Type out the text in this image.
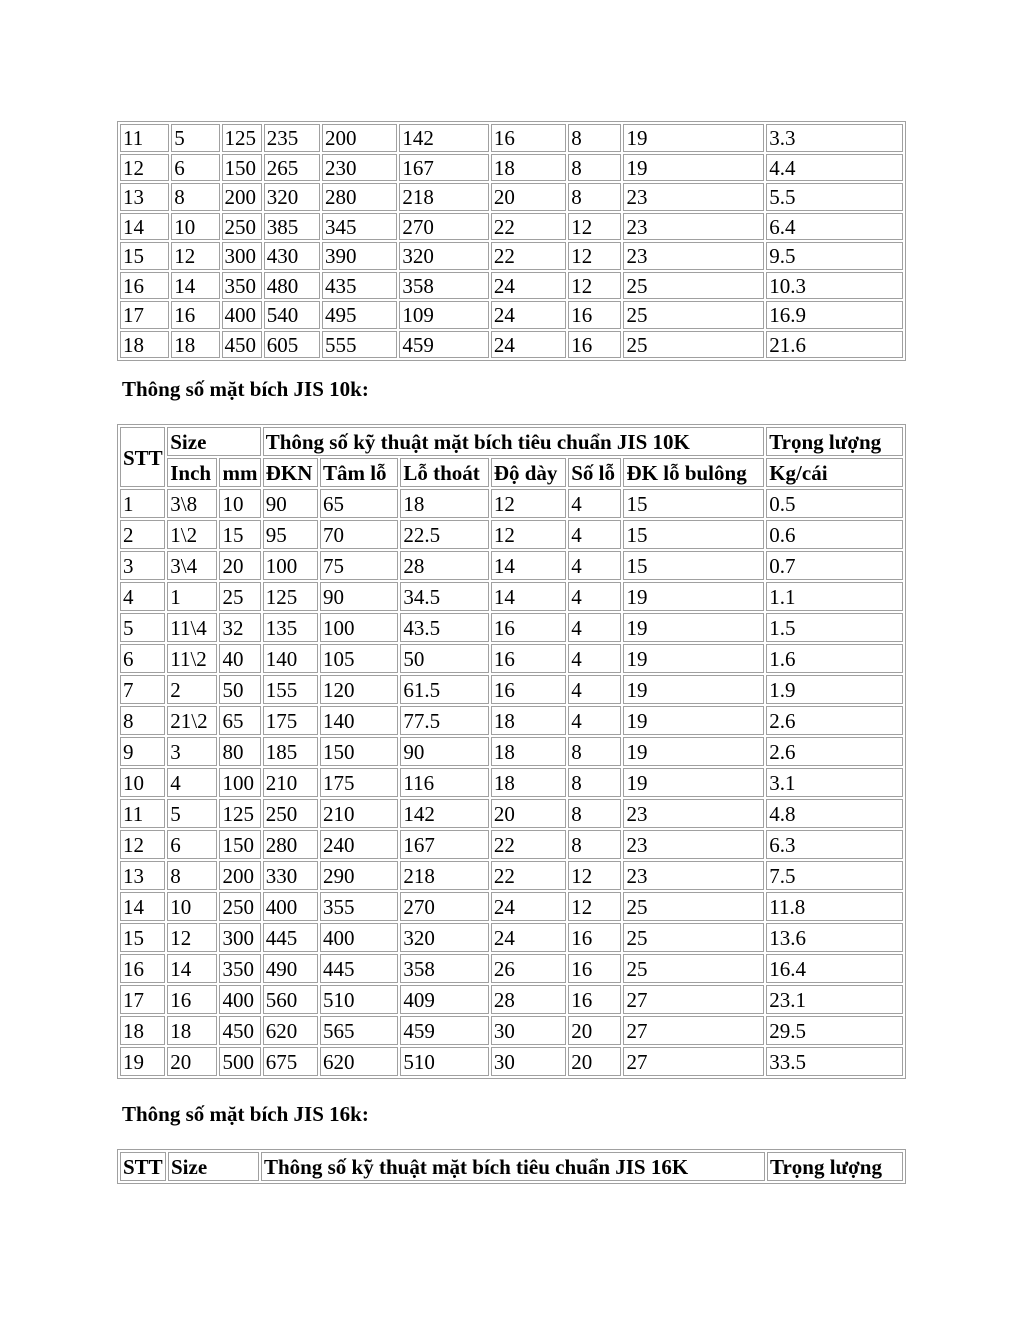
11	5	125	235	200	142	16	8	19	3.3
12	6	150	265	230	167	18	8	19	4.4
13	8	200	320	280	218	20	8	23	5.5
14	10	250	385	345	270	22	12	23	6.4
15	12	300	430	390	320	22	12	23	9.5
16	14	350	480	435	358	24	12	25	10.3
17	16	400	540	495	109	24	16	25	16.9
18	18	450	605	555	459	24	16	25	21.6
Thông số mặt bích JIS 10k:
STT	Size		Thông số kỹ thuật mặt bích tiêu chuẩn JIS 10K						Trọng lượng
	Inch	mm	ĐKN	Tâm lỗ	Lỗ thoát	Độ dày	Số lỗ	ĐK lỗ bulông	Kg/cái
1	3\8	10	90	65	18	12	4	15	0.5
2	1\2	15	95	70	22.5	12	4	15	0.6
3	3\4	20	100	75	28	14	4	15	0.7
4	1	25	125	90	34.5	14	4	19	1.1
5	11\4	32	135	100	43.5	16	4	19	1.5
6	11\2	40	140	105	50	16	4	19	1.6
7	2	50	155	120	61.5	16	4	19	1.9
8	21\2	65	175	140	77.5	18	4	19	2.6
9	3	80	185	150	90	18	8	19	2.6
10	4	100	210	175	116	18	8	19	3.1
11	5	125	250	210	142	20	8	23	4.8
12	6	150	280	240	167	22	8	23	6.3
13	8	200	330	290	218	22	12	23	7.5
14	10	250	400	355	270	24	12	25	11.8
15	12	300	445	400	320	24	16	25	13.6
16	14	350	490	445	358	26	16	25	16.4
17	16	400	560	510	409	28	16	27	23.1
18	18	450	620	565	459	30	20	27	29.5
19	20	500	675	620	510	30	20	27	33.5
Thông số mặt bích JIS 16k:
STT	Size	Thông số kỹ thuật mặt bích tiêu chuẩn JIS 16K	Trọng lượng
